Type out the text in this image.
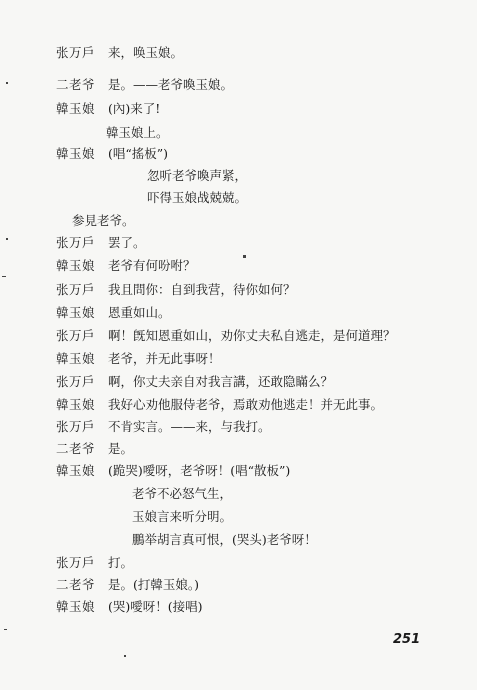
张万戶	来，唤玉娘。
二老爷	是。——老爷喚玉娘。
韓玉娘	(內)来了!
韓玉娘上。
韓玉娘	(唱“搖板”)
忽听老爷喚声紧，
吓得玉娘战兢兢。
参見老爷。
张万戶	罢了。
韓玉娘	老爷有何吩咐？
张万戶	我且問你：自到我营，待你如何？
韓玉娘	恩重如山。
张万戶	啊！旣知恩重如山，劝你丈夫私自逃走，是何道理？
韓玉娘	老爷，并无此事呀！
张万戶	啊，你丈夫亲自对我言講，还敢隐瞞么？
韓玉娘	我好心劝他服侍老爷，焉敢劝他逃走！并无此事。
张万戶	不肯实言。——来，与我打。
二老爷	是。
韓玉娘	(跪哭)噯呀，老爷呀！(唱“散板”)
老爷不必怒气生，
玉娘言来听分明。
鵬举胡言真可恨，(哭头)老爷呀！
张万戶	打。
二老爷	是。(打韓玉娘。)
韓玉娘	(哭)噯呀！(接唱)
251
